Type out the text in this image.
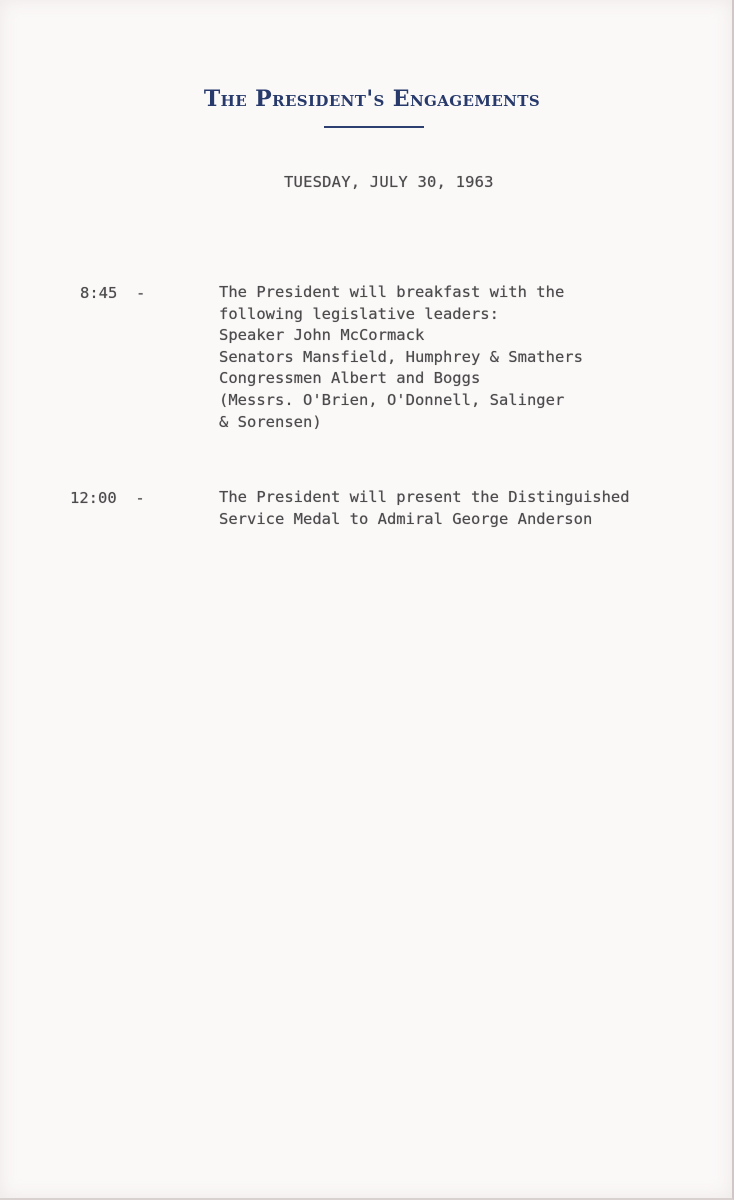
The President's Engagements
TUESDAY, JULY 30, 1963
8:45  -	The President will breakfast with the
following legislative leaders:
Speaker John McCormack
Senators Mansfield, Humphrey & Smathers
Congressmen Albert and Boggs
(Messrs. O'Brien, O'Donnell, Salinger
& Sorensen)
12:00  -	The President will present the Distinguished
Service Medal to Admiral George Anderson
